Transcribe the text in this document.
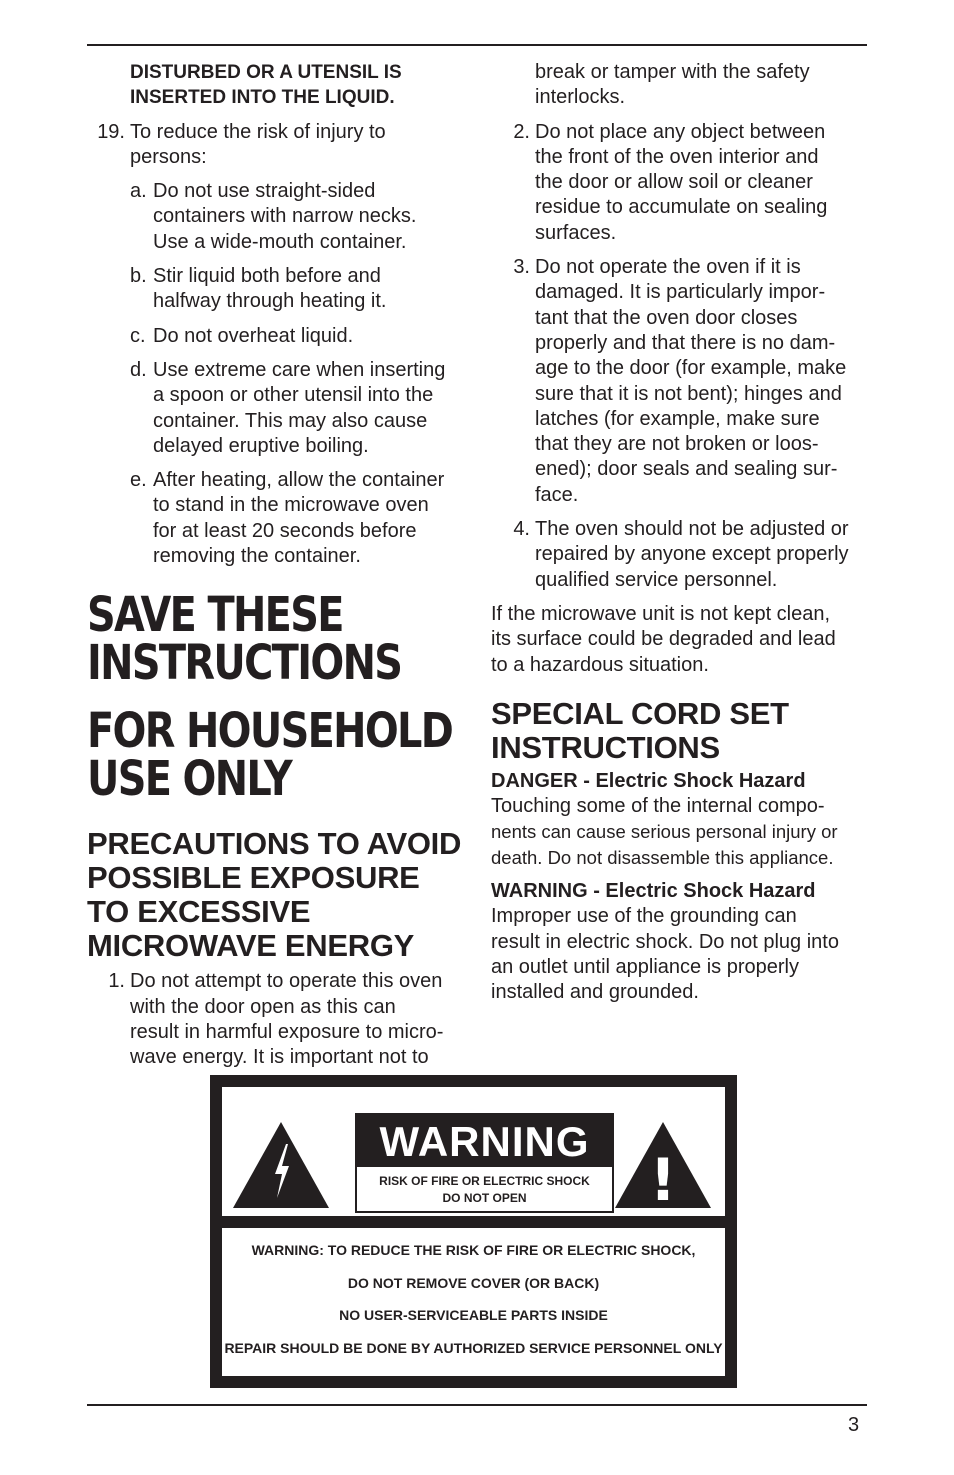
DISTURBED OR A UTENSIL IS

INSERTED INTO THE LIQUID.

19. To reduce the risk of injury to

persons:

a. Do not use straight-sided

containers with narrow necks.

Use a wide-mouth container.

b. Stir liquid both before and

halfway through heating it.

c. Do not overheat liquid.

d. Use extreme care when inserting

a spoon or other utensil into the

container. This may also cause

delayed eruptive boiling.

e. After heating, allow the container

to stand in the microwave oven

for at least 20 seconds before

removing the container.

SAVE THESE

INSTRUCTIONS

FOR HOUSEHOLD

USE ONLY

PRECAUTIONS TO AVOID

POSSIBLE EXPOSURE

TO EXCESSIVE

MICROWAVE ENERGY

1. Do not attempt to operate this oven

with the door open as this can

result in harmful exposure to micro-

wave energy. It is important not to

break or tamper with the safety

interlocks.

2. Do not place any object between

the front of the oven interior and

the door or allow soil or cleaner

residue to accumulate on sealing

surfaces.

3. Do not operate the oven if it is

damaged. It is particularly impor-

tant that the oven door closes

properly and that there is no dam-

age to the door (for example, make

sure that it is not bent); hinges and

latches (for example, make sure

that they are not broken or loos-

ened); door seals and sealing sur-

face.

4. The oven should not be adjusted or

repaired by anyone except properly

qualified service personnel.

If the microwave unit is not kept clean,

its surface could be degraded and lead

to a hazardous situation.

SPECIAL CORD SET

INSTRUCTIONS

DANGER - Electric Shock Hazard

Touching some of the internal compo-

nents can cause serious personal injury or

death. Do not disassemble this appliance.

WARNING - Electric Shock Hazard

Improper use of the grounding can

result in electric shock. Do not plug into

an outlet until appliance is properly

installed and grounded.

WARNING
RISK OF FIRE OR ELECTRIC SHOCK
DO NOT OPEN	!
WARNING: TO REDUCE THE RISK OF FIRE OR ELECTRIC SHOCK,
DO NOT REMOVE COVER (OR BACK)
NO USER-SERVICEABLE PARTS INSIDE
REPAIR SHOULD BE DONE BY AUTHORIZED SERVICE PERSONNEL ONLY
3
